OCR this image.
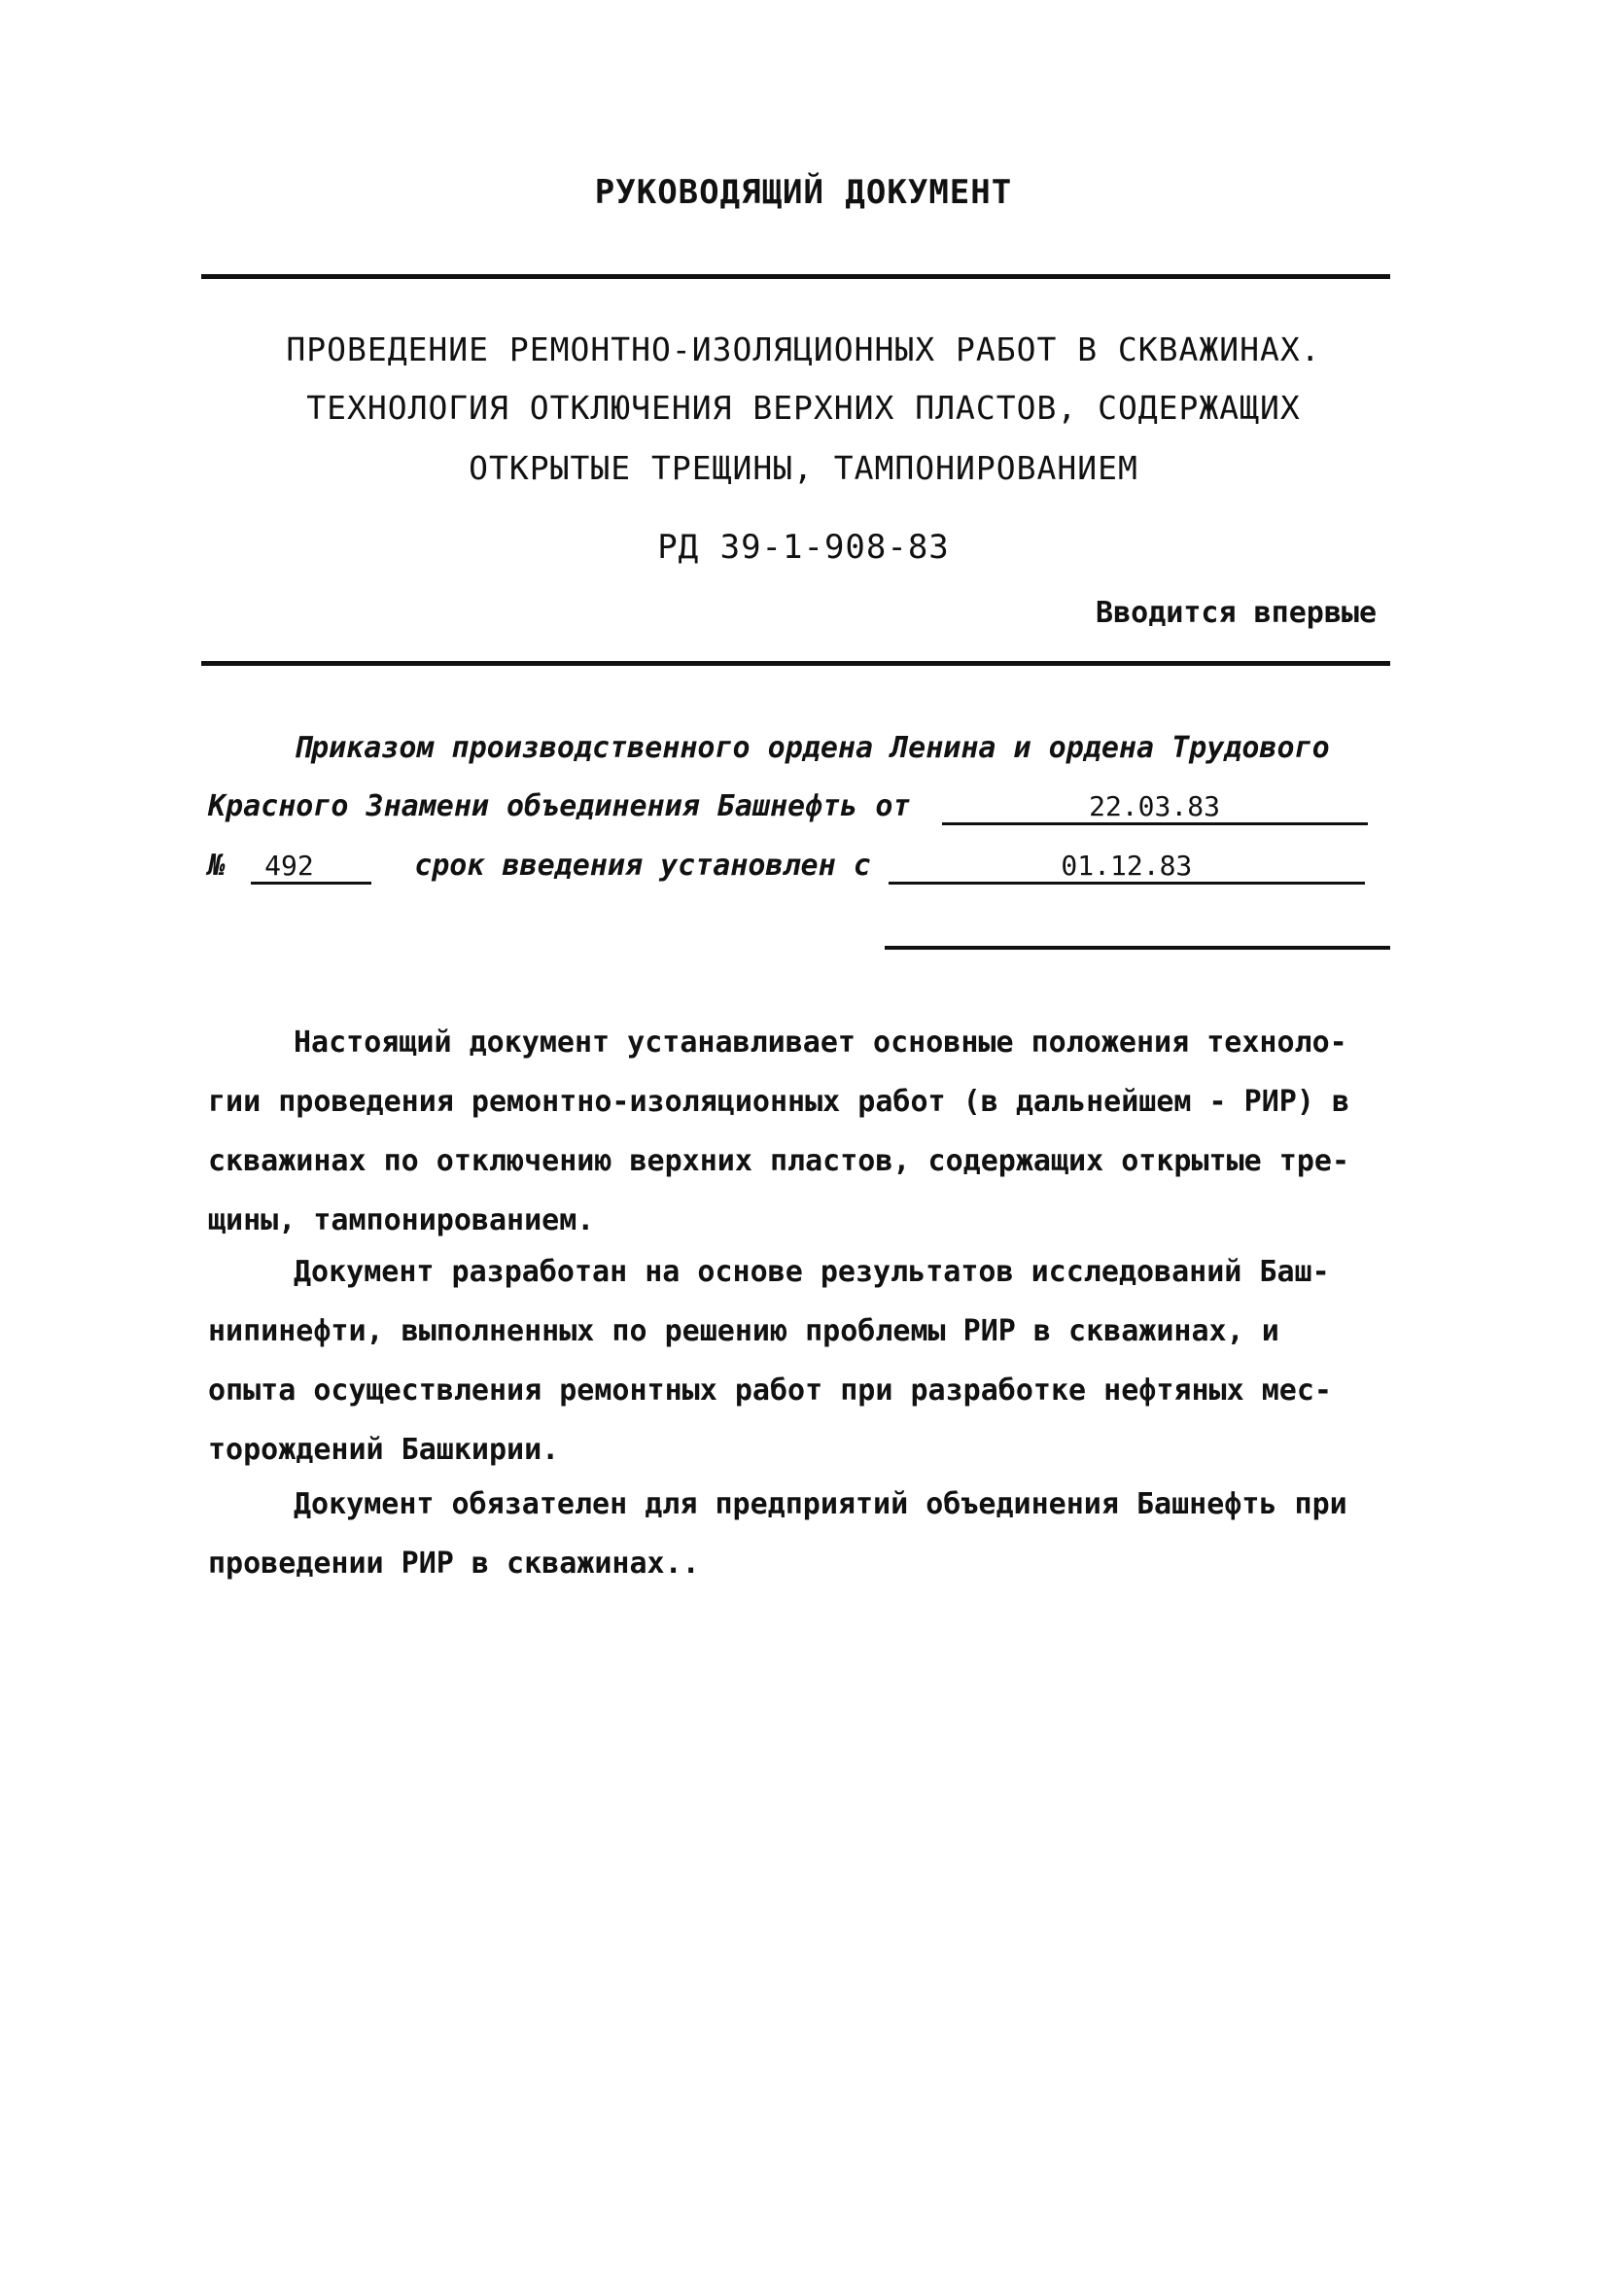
РУКОВОДЯЩИЙ ДОКУМЕНТ
ПРОВЕДЕНИЕ РЕМОНТНО-ИЗОЛЯЦИОННЫХ РАБОТ В СКВАЖИНАХ.
ТЕХНОЛОГИЯ ОТКЛЮЧЕНИЯ ВЕРХНИХ ПЛАСТОВ, СОДЕРЖАЩИХ
ОТКРЫТЫЕ ТРЕЩИНЫ, ТАМПОНИРОВАНИЕМ
РД 39-1-908-83
Вводится впервые
Приказом производственного ордена Ленина и ордена Трудового
Красного Знамени объединения Башнефть от	22.03.83
№ 492	срок введения установлен с	01.12.83
Настоящий документ устанавливает основные положения техноло-
гии проведения ремонтно-изоляционных работ (в дальнейшем - РИР) в
скважинах по отключению верхних пластов, содержащих открытые тре-
щины, тампонированием.
Документ разработан на основе результатов исследований Баш-
нипинефти, выполненных по решению проблемы РИР в скважинах, и
опыта осуществления ремонтных работ при разработке нефтяных мес-
торождений Башкирии.
Документ обязателен для предприятий объединения Башнефть при
проведении РИР в скважинах..
